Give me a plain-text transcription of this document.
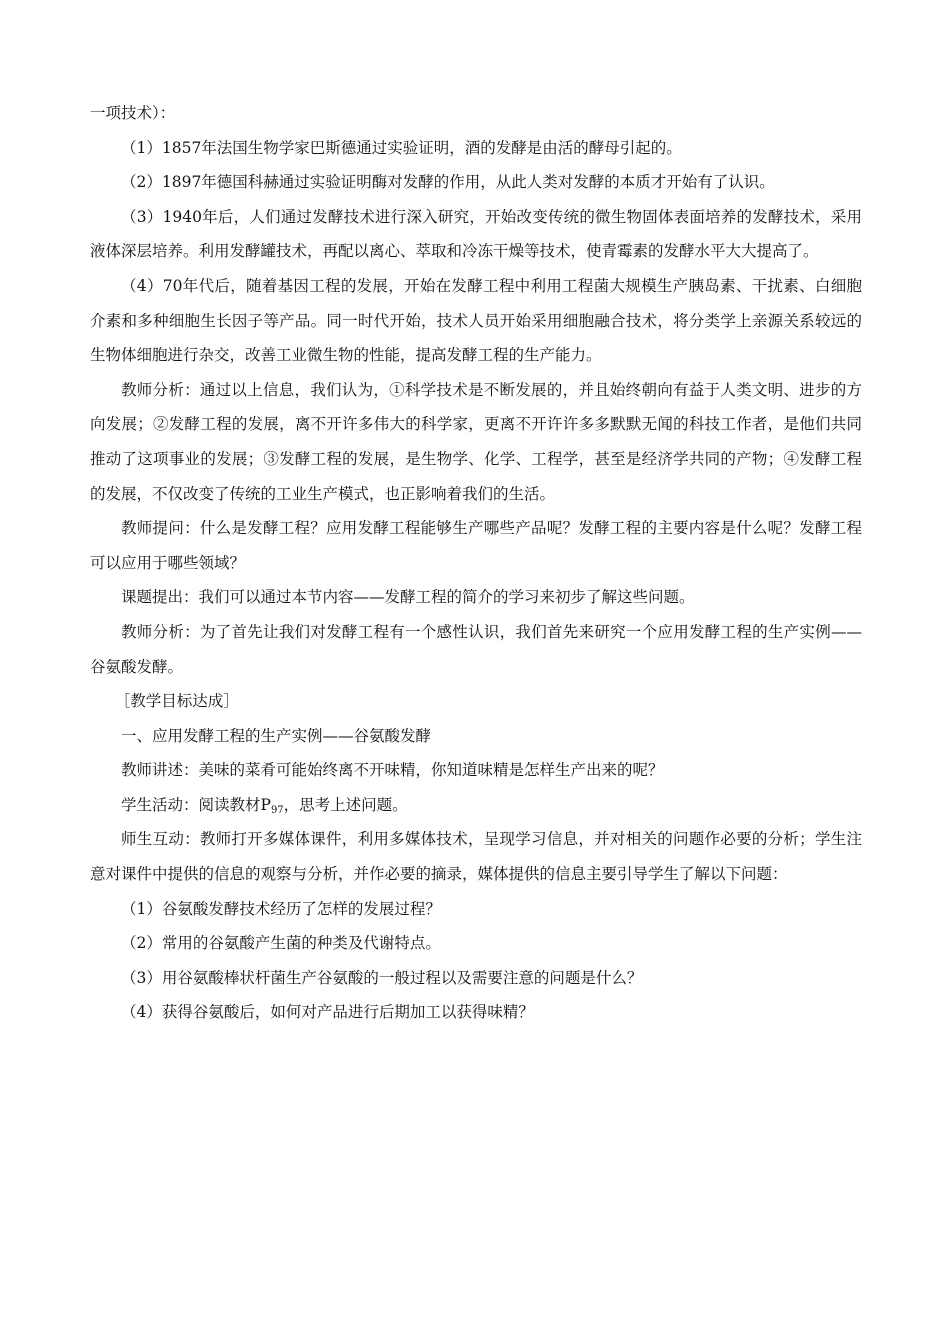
一项技术）：

（1）1857年法国生物学家巴斯德通过实验证明，酒的发酵是由活的酵母引起的。

（2）1897年德国科赫通过实验证明酶对发酵的作用，从此人类对发酵的本质才开始有了认识。

（3）1940年后，人们通过发酵技术进行深入研究，开始改变传统的微生物固体表面培养的发酵技术，采用液体深层培养。利用发酵罐技术，再配以离心、萃取和冷冻干燥等技术，使青霉素的发酵水平大大提高了。

（4）70年代后，随着基因工程的发展，开始在发酵工程中利用工程菌大规模生产胰岛素、干扰素、白细胞介素和多种细胞生长因子等产品。同一时代开始，技术人员开始采用细胞融合技术，将分类学上亲源关系较远的生物体细胞进行杂交，改善工业微生物的性能，提高发酵工程的生产能力。

教师分析：通过以上信息，我们认为，①科学技术是不断发展的，并且始终朝向有益于人类文明、进步的方向发展；②发酵工程的发展，离不开许多伟大的科学家，更离不开许许多多默默无闻的科技工作者，是他们共同推动了这项事业的发展；③发酵工程的发展，是生物学、化学、工程学，甚至是经济学共同的产物；④发酵工程的发展，不仅改变了传统的工业生产模式，也正影响着我们的生活。

教师提问：什么是发酵工程？应用发酵工程能够生产哪些产品呢？发酵工程的主要内容是什么呢？发酵工程可以应用于哪些领域？

课题提出：我们可以通过本节内容——发酵工程的简介的学习来初步了解这些问题。

教师分析：为了首先让我们对发酵工程有一个感性认识，我们首先来研究一个应用发酵工程的生产实例——谷氨酸发酵。

［教学目标达成］

一、应用发酵工程的生产实例——谷氨酸发酵

教师讲述：美味的菜肴可能始终离不开味精，你知道味精是怎样生产出来的呢？

学生活动：阅读教材P97，思考上述问题。

师生互动：教师打开多媒体课件，利用多媒体技术，呈现学习信息，并对相关的问题作必要的分析；学生注意对课件中提供的信息的观察与分析，并作必要的摘录，媒体提供的信息主要引导学生了解以下问题：

（1）谷氨酸发酵技术经历了怎样的发展过程？

（2）常用的谷氨酸产生菌的种类及代谢特点。

（3）用谷氨酸棒状杆菌生产谷氨酸的一般过程以及需要注意的问题是什么？

（4）获得谷氨酸后，如何对产品进行后期加工以获得味精？
